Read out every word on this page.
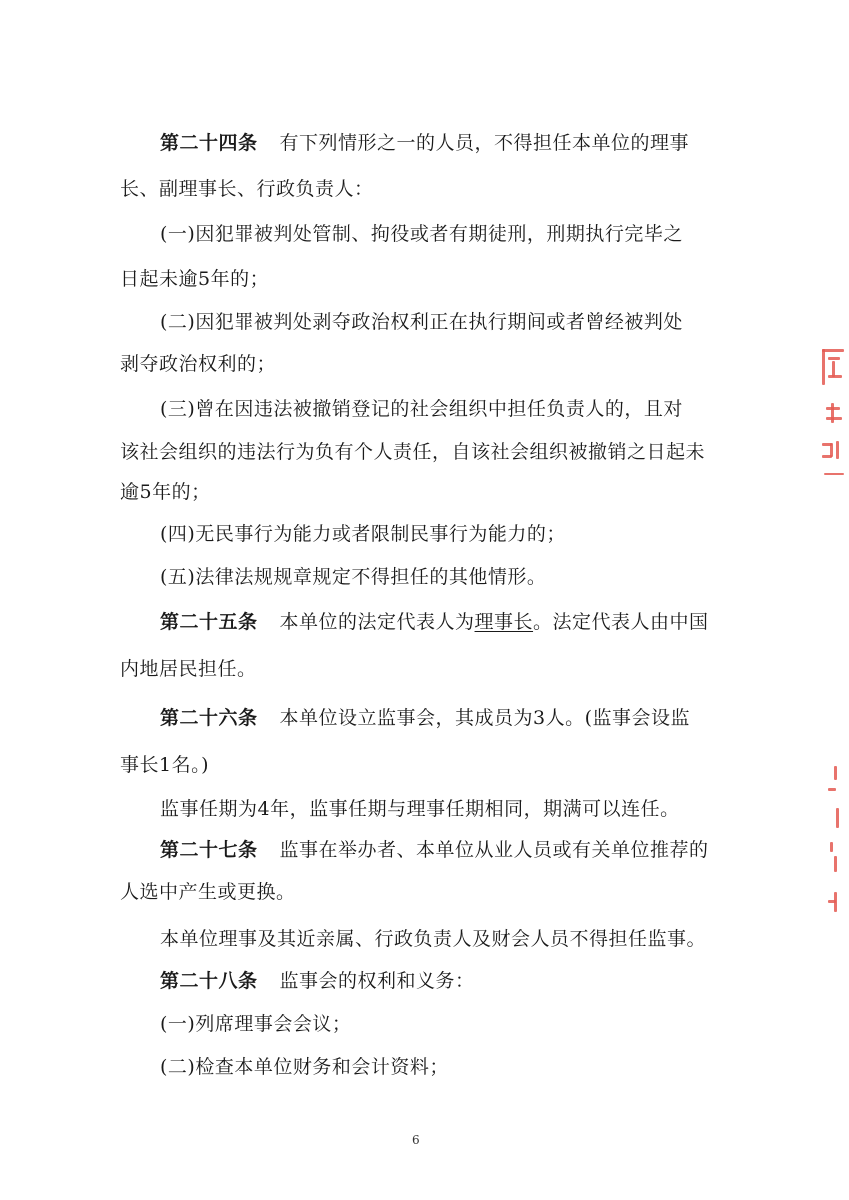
第二十四条 有下列情形之一的人员，不得担任本单位的理事
长、副理事长、行政负责人：
(一)因犯罪被判处管制、拘役或者有期徒刑，刑期执行完毕之
日起未逾5年的；
(二)因犯罪被判处剥夺政治权利正在执行期间或者曾经被判处
剥夺政治权利的；
(三)曾在因违法被撤销登记的社会组织中担任负责人的，且对
该社会组织的违法行为负有个人责任，自该社会组织被撤销之日起未
逾5年的；
(四)无民事行为能力或者限制民事行为能力的；
(五)法律法规规章规定不得担任的其他情形。
第二十五条 本单位的法定代表人为理事长。法定代表人由中国
内地居民担任。
第二十六条 本单位设立监事会，其成员为3人。(监事会设监
事长1名。)
监事任期为4年，监事任期与理事任期相同，期满可以连任。
第二十七条 监事在举办者、本单位从业人员或有关单位推荐的
人选中产生或更换。
本单位理事及其近亲属、行政负责人及财会人员不得担任监事。
第二十八条 监事会的权利和义务：
(一)列席理事会会议；
(二)检查本单位财务和会计资料；
6
